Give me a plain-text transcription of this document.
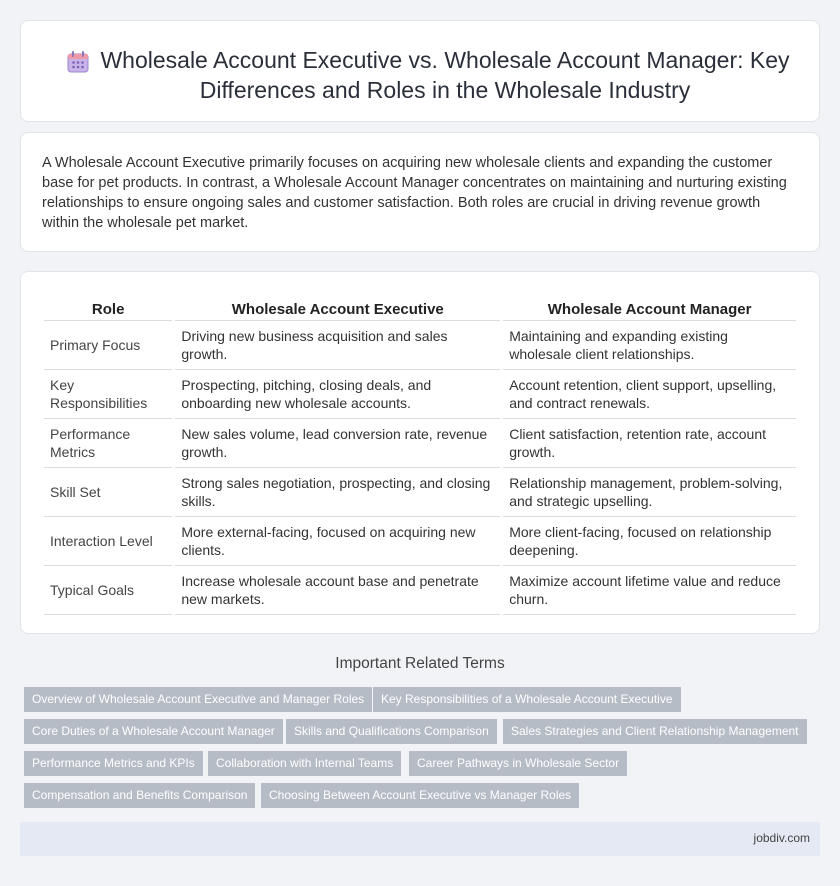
Wholesale Account Executive vs. Wholesale Account Manager: Key Differences and Roles in the Wholesale Industry

A Wholesale Account Executive primarily focuses on acquiring new wholesale clients and expanding the customer base for pet products. In contrast, a Wholesale Account Manager concentrates on maintaining and nurturing existing relationships to ensure ongoing sales and customer satisfaction. Both roles are crucial in driving revenue growth within the wholesale pet market.

Role	Wholesale Account Executive	Wholesale Account Manager
Primary Focus	Driving new business acquisition and sales growth.	Maintaining and expanding existing wholesale client relationships.
Key Responsibilities	Prospecting, pitching, closing deals, and onboarding new wholesale accounts.	Account retention, client support, upselling, and contract renewals.
Performance Metrics	New sales volume, lead conversion rate, revenue growth.	Client satisfaction, retention rate, account growth.
Skill Set	Strong sales negotiation, prospecting, and closing skills.	Relationship management, problem-solving, and strategic upselling.
Interaction Level	More external-facing, focused on acquiring new clients.	More client-facing, focused on relationship deepening.
Typical Goals	Increase wholesale account base and penetrate new markets.	Maximize account lifetime value and reduce churn.
Important Related Terms
Overview of Wholesale Account Executive and Manager Roles	Key Responsibilities of a Wholesale Account Executive
Core Duties of a Wholesale Account Manager	Skills and Qualifications Comparison	Sales Strategies and Client Relationship Management
Performance Metrics and KPIs	Collaboration with Internal Teams	Career Pathways in Wholesale Sector
Compensation and Benefits Comparison	Choosing Between Account Executive vs Manager Roles
jobdiv.com
